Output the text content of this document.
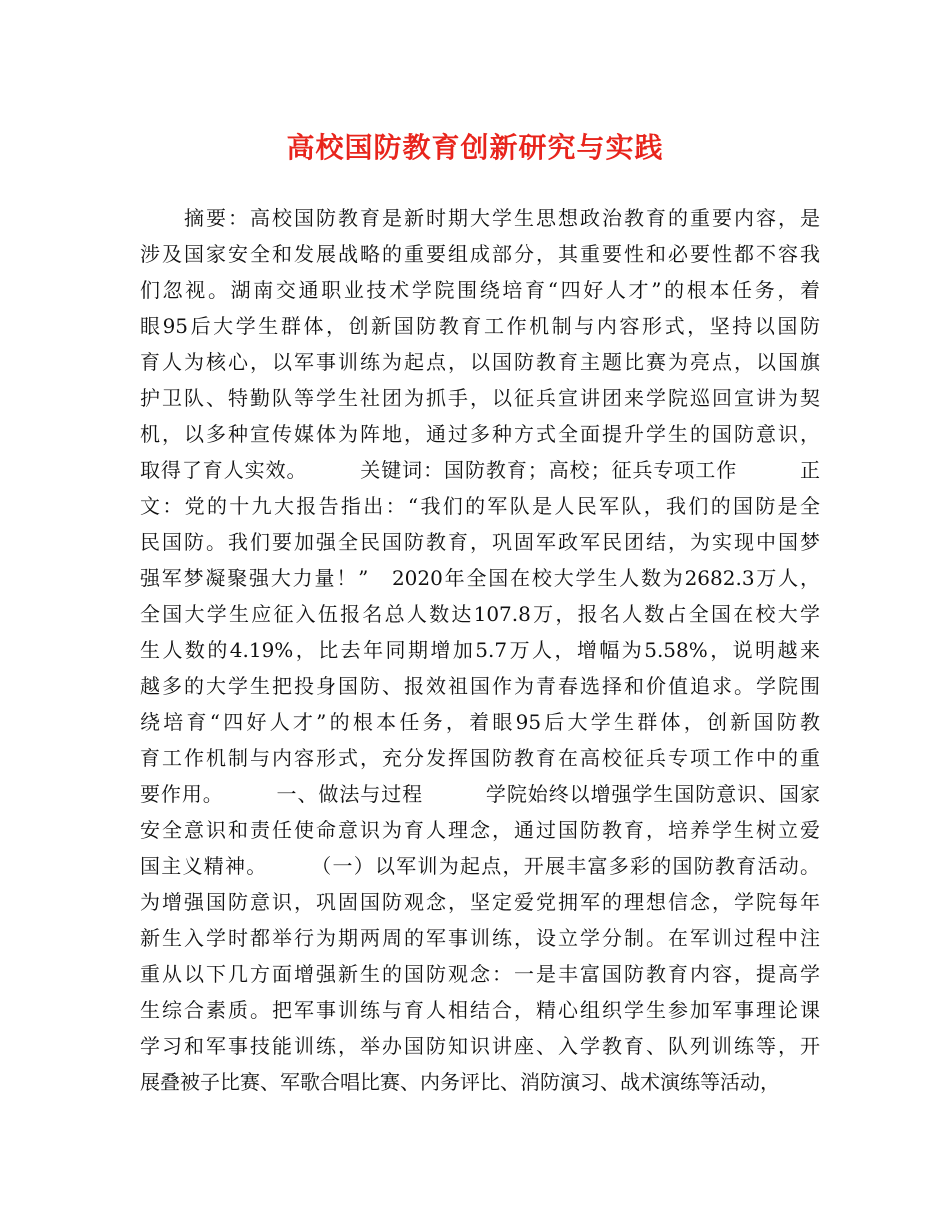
高校国防教育创新研究与实践
　　摘要：高校国防教育是新时期大学生思想政治教育的重要内容，是
涉及国家安全和发展战略的重要组成部分，其重要性和必要性都不容我
们忽视。湖南交通职业技术学院围绕培育“四好人才”的根本任务，着
眼95后大学生群体，创新国防教育工作机制与内容形式，坚持以国防
育人为核心，以军事训练为起点，以国防教育主题比赛为亮点，以国旗
护卫队、特勤队等学生社团为抓手，以征兵宣讲团来学院巡回宣讲为契
机，以多种宣传媒体为阵地，通过多种方式全面提升学生的国防意识，
取得了育人实效。　　　关键词：国防教育；高校；征兵专项工作　　　正
文：党的十九大报告指出：“我们的军队是人民军队，我们的国防是全
民国防。我们要加强全民国防教育，巩固军政军民团结，为实现中国梦
强军梦凝聚强大力量！”　2020年全国在校大学生人数为2682.3万人，
全国大学生应征入伍报名总人数达107.8万，报名人数占全国在校大学
生人数的4.19%，比去年同期增加5.7万人，增幅为5.58%，说明越来
越多的大学生把投身国防、报效祖国作为青春选择和价值追求。学院围
绕培育“四好人才”的根本任务，着眼95后大学生群体，创新国防教
育工作机制与内容形式，充分发挥国防教育在高校征兵专项工作中的重
要作用。　　　一、做法与过程　　　学院始终以增强学生国防意识、国家
安全意识和责任使命意识为育人理念，通过国防教育，培养学生树立爱
国主义精神。　　　（一）以军训为起点，开展丰富多彩的国防教育活动。
为增强国防意识，巩固国防观念，坚定爱党拥军的理想信念，学院每年
新生入学时都举行为期两周的军事训练，设立学分制。在军训过程中注
重从以下几方面增强新生的国防观念：一是丰富国防教育内容，提高学
生综合素质。把军事训练与育人相结合，精心组织学生参加军事理论课
学习和军事技能训练，举办国防知识讲座、入学教育、队列训练等，开
展叠被子比赛、军歌合唱比赛、内务评比、消防演习、战术演练等活动，
